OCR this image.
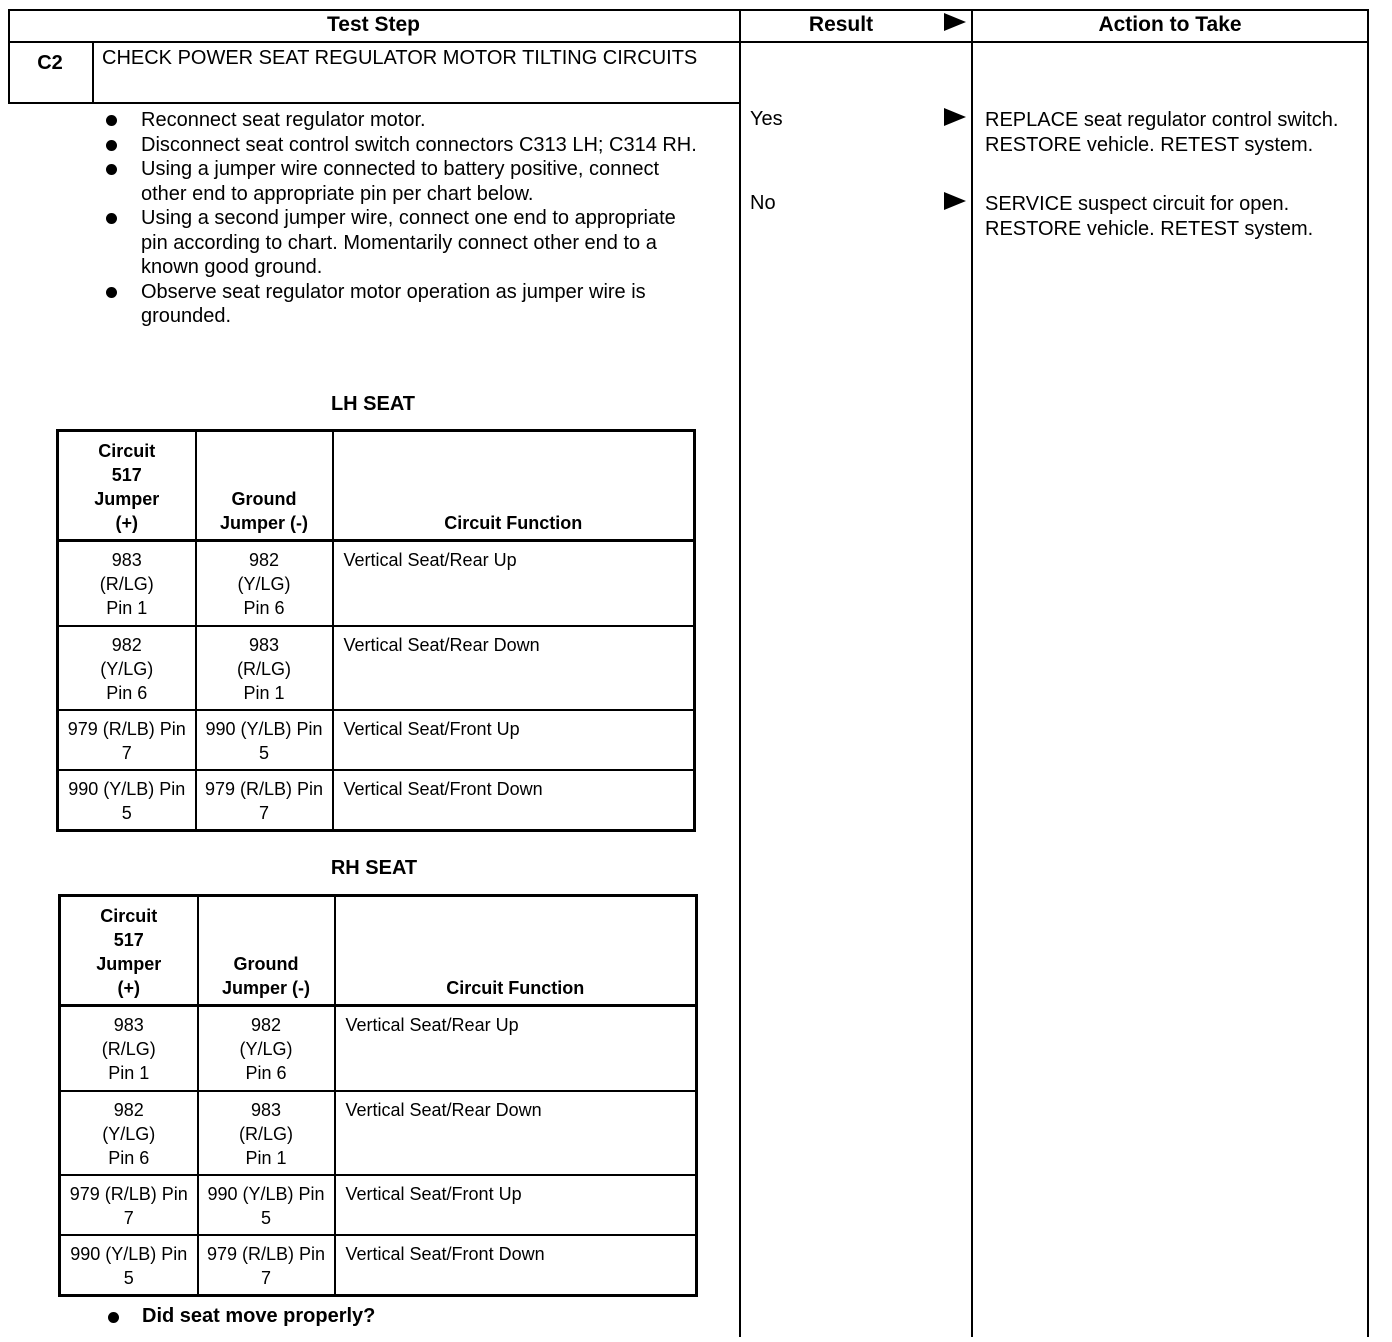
Test Step	Result	Action to Take
C2	CHECK POWER SEAT REGULATOR MOTOR TILTING CIRCUITS
Reconnect seat regulator motor.
Disconnect seat control switch connectors C313 LH; C314 RH.
Using a jumper wire connected to battery positive, connect other end to appropriate pin per chart below.
Using a second jumper wire, connect one end to appropriate pin according to chart. Momentarily connect other end to a known good ground.
Observe seat regulator motor operation as jumper wire is grounded.
LH SEAT
Circuit 517 Jumper (+)	Ground Jumper (-)	Circuit Function
983 (R/LG) Pin 1	982 (Y/LG) Pin 6	Vertical Seat/Rear Up
982 (Y/LG) Pin 6	983 (R/LG) Pin 1	Vertical Seat/Rear Down
979 (R/LB) Pin 7	990 (Y/LB) Pin 5	Vertical Seat/Front Up
990 (Y/LB) Pin 5	979 (R/LB) Pin 7	Vertical Seat/Front Down
RH SEAT
Circuit 517 Jumper (+)	Ground Jumper (-)	Circuit Function
983 (R/LG) Pin 1	982 (Y/LG) Pin 6	Vertical Seat/Rear Up
982 (Y/LG) Pin 6	983 (R/LG) Pin 1	Vertical Seat/Rear Down
979 (R/LB) Pin 7	990 (Y/LB) Pin 5	Vertical Seat/Front Up
990 (Y/LB) Pin 5	979 (R/LB) Pin 7	Vertical Seat/Front Down
Did seat move properly?
Yes	REPLACE seat regulator control switch. RESTORE vehicle. RETEST system.
No	SERVICE suspect circuit for open. RESTORE vehicle. RETEST system.
